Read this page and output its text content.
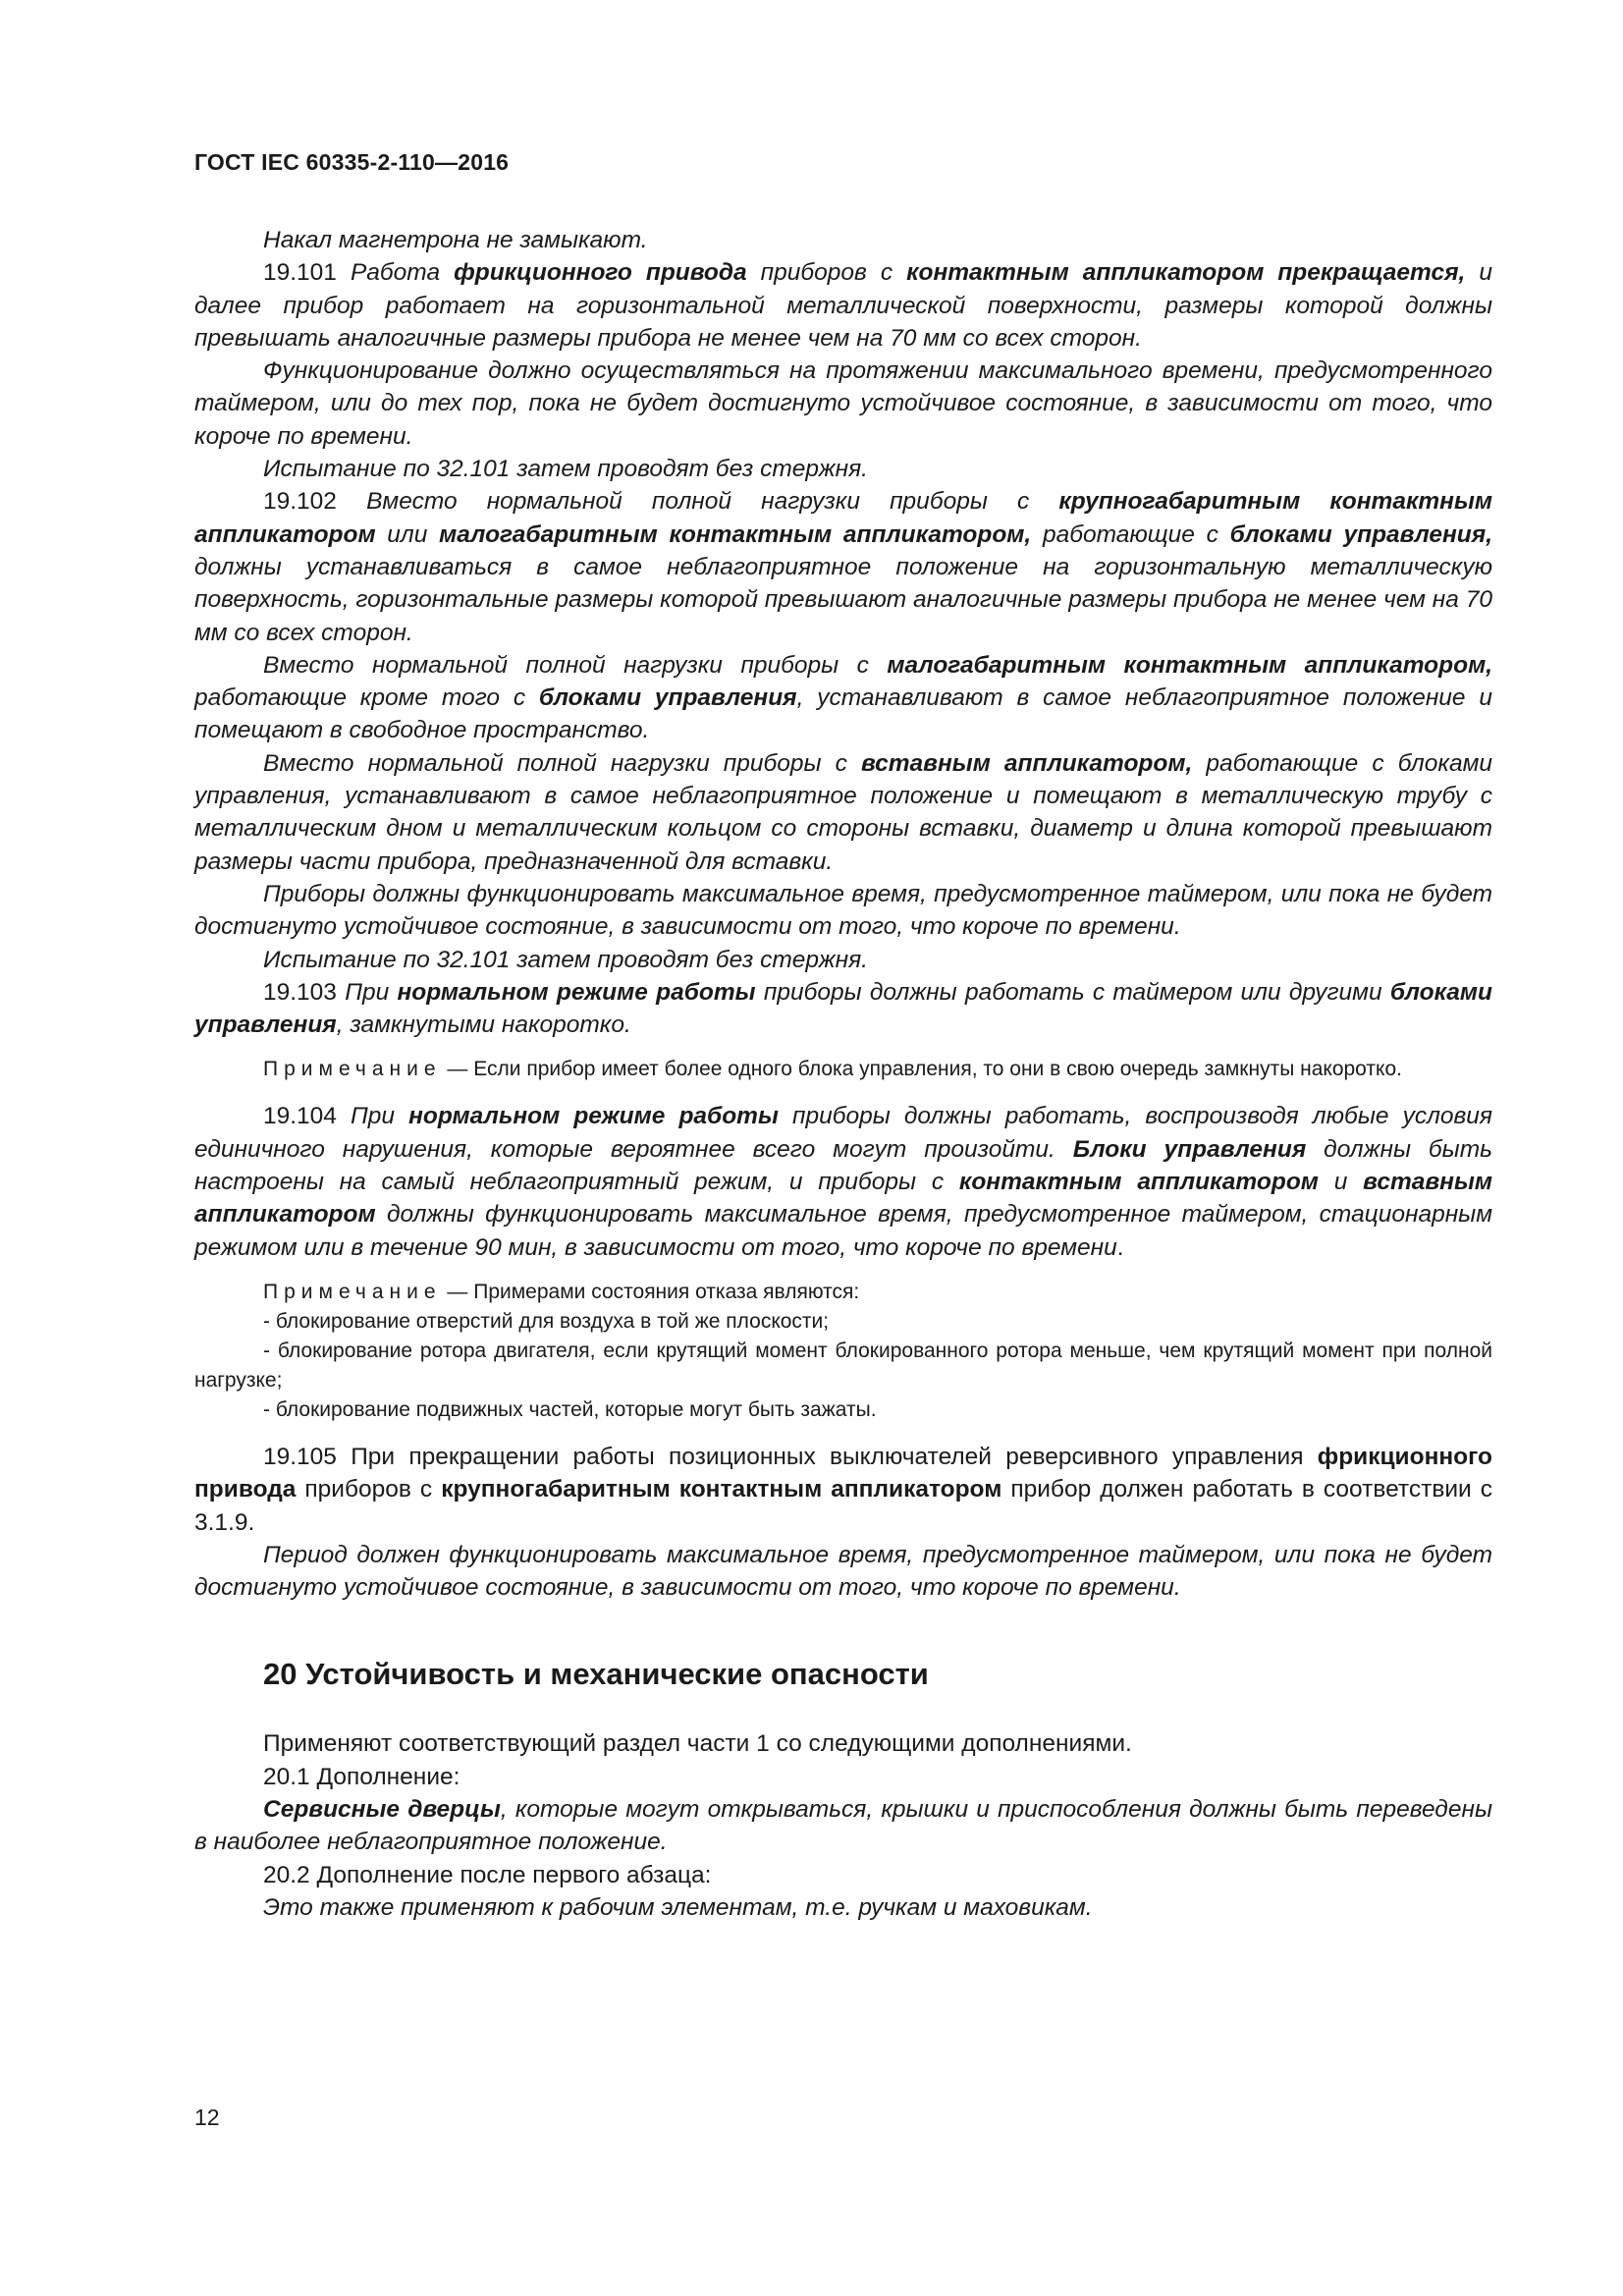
ГОСТ IEC 60335-2-110—2016

Накал магнетрона не замыкают.

19.101 Работа фрикционного привода приборов с контактным аппликатором прекращается, и далее прибор работает на горизонтальной металлической поверхности, размеры которой должны превышать аналогичные размеры прибора не менее чем на 70 мм со всех сторон.

Функционирование должно осуществляться на протяжении максимального времени, предусмотренного таймером, или до тех пор, пока не будет достигнуто устойчивое состояние, в зависимости от того, что короче по времени.

Испытание по 32.101 затем проводят без стержня.

19.102 Вместо нормальной полной нагрузки приборы с крупногабаритным контактным аппликатором или малогабаритным контактным аппликатором, работающие с блоками управления, должны устанавливаться в самое неблагоприятное положение на горизонтальную металлическую поверхность, горизонтальные размеры которой превышают аналогичные размеры прибора не менее чем на 70 мм со всех сторон.

Вместо нормальной полной нагрузки приборы с малогабаритным контактным аппликатором, работающие кроме того с блоками управления, устанавливают в самое неблагоприятное положение и помещают в свободное пространство.

Вместо нормальной полной нагрузки приборы с вставным аппликатором, работающие с блоками управления, устанавливают в самое неблагоприятное положение и помещают в металлическую трубу с металлическим дном и металлическим кольцом со стороны вставки, диаметр и длина которой превышают размеры части прибора, предназначенной для вставки.

Приборы должны функционировать максимальное время, предусмотренное таймером, или пока не будет достигнуто устойчивое состояние, в зависимости от того, что короче по времени.

Испытание по 32.101 затем проводят без стержня.

19.103 При нормальном режиме работы приборы должны работать с таймером или другими блоками управления, замкнутыми накоротко.

Примечание — Если прибор имеет более одного блока управления, то они в свою очередь замкнуты накоротко.

19.104 При нормальном режиме работы приборы должны работать, воспроизводя любые условия единичного нарушения, которые вероятнее всего могут произойти. Блоки управления должны быть настроены на самый неблагоприятный режим, и приборы с контактным аппликатором и вставным аппликатором должны функционировать максимальное время, предусмотренное таймером, стационарным режимом или в течение 90 мин, в зависимости от того, что короче по времени.

Примечание — Примерами состояния отказа являются:

- блокирование отверстий для воздуха в той же плоскости;

- блокирование ротора двигателя, если крутящий момент блокированного ротора меньше, чем крутящий момент при полной нагрузке;

- блокирование подвижных частей, которые могут быть зажаты.

19.105 При прекращении работы позиционных выключателей реверсивного управления фрикционного привода приборов с крупногабаритным контактным аппликатором прибор должен работать в соответствии с 3.1.9.

Период должен функционировать максимальное время, предусмотренное таймером, или пока не будет достигнуто устойчивое состояние, в зависимости от того, что короче по времени.

20 Устойчивость и механические опасности

Применяют соответствующий раздел части 1 со следующими дополнениями.

20.1 Дополнение:

Сервисные дверцы, которые могут открываться, крышки и приспособления должны быть переведены в наиболее неблагоприятное положение.

20.2 Дополнение после первого абзаца:

Это также применяют к рабочим элементам, т.е. ручкам и маховикам.

12
